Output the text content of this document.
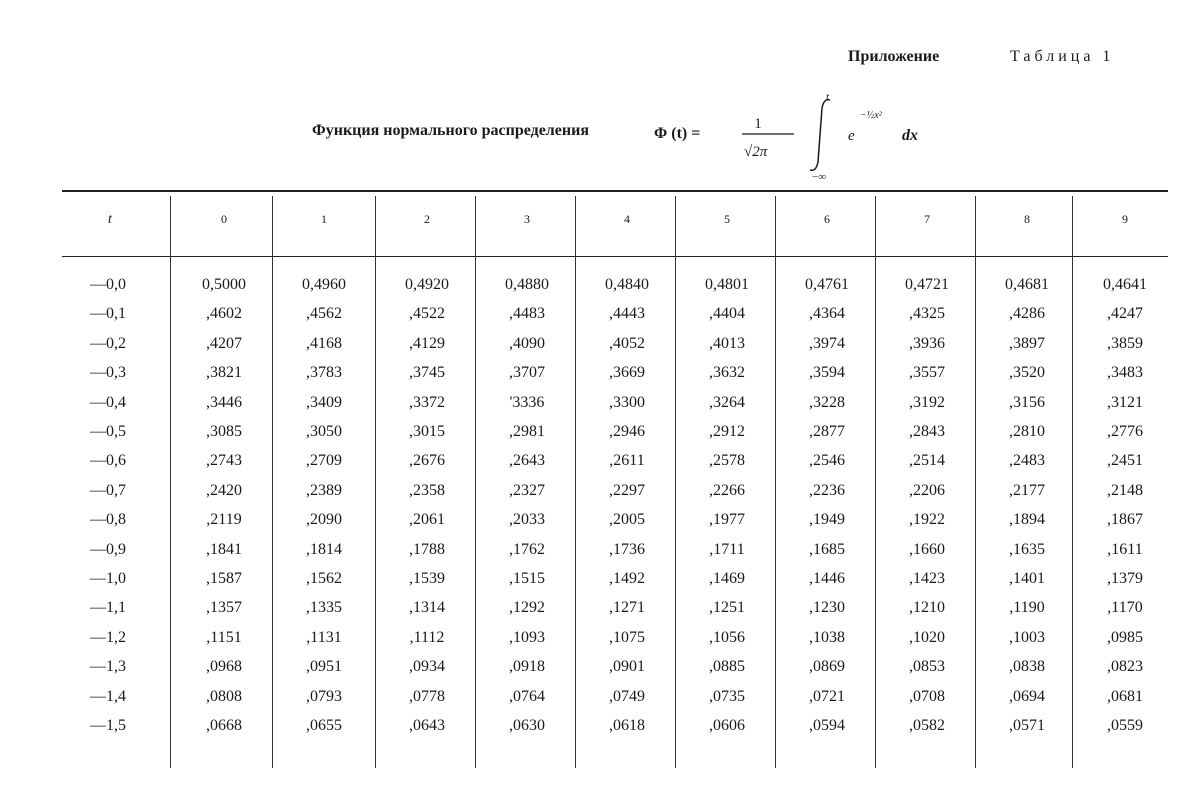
Приложение	Таблица 1
Функция нормального распределения	Φ (t) =
1
√2π
t
−∞
e
−½x²
dx
t	0	1	2	3	4	5	6	7	8	9
—0,0	0,5000	0,4960	0,4920	0,4880	0,4840	0,4801	0,4761	0,4721	0,4681	0,4641
—0,1	,4602	,4562	,4522	,4483	,4443	,4404	,4364	,4325	,4286	,4247
—0,2	,4207	,4168	,4129	,4090	,4052	,4013	,3974	,3936	,3897	,3859
—0,3	,3821	,3783	,3745	,3707	,3669	,3632	,3594	,3557	,3520	,3483
—0,4	,3446	,3409	,3372	'3336	,3300	,3264	,3228	,3192	,3156	,3121
—0,5	,3085	,3050	,3015	,2981	,2946	,2912	,2877	,2843	,2810	,2776
—0,6	,2743	,2709	,2676	,2643	,2611	,2578	,2546	,2514	,2483	,2451
—0,7	,2420	,2389	,2358	,2327	,2297	,2266	,2236	,2206	,2177	,2148
—0,8	,2119	,2090	,2061	,2033	,2005	,1977	,1949	,1922	,1894	,1867
—0,9	,1841	,1814	,1788	,1762	,1736	,1711	,1685	,1660	,1635	,1611
—1,0	,1587	,1562	,1539	,1515	,1492	,1469	,1446	,1423	,1401	,1379
—1,1	,1357	,1335	,1314	,1292	,1271	,1251	,1230	,1210	,1190	,1170
—1,2	,1151	,1131	,1112	,1093	,1075	,1056	,1038	,1020	,1003	,0985
—1,3	,0968	,0951	,0934	,0918	,0901	,0885	,0869	,0853	,0838	,0823
—1,4	,0808	,0793	,0778	,0764	,0749	,0735	,0721	,0708	,0694	,0681
—1,5	,0668	,0655	,0643	,0630	,0618	,0606	,0594	,0582	,0571	,0559
